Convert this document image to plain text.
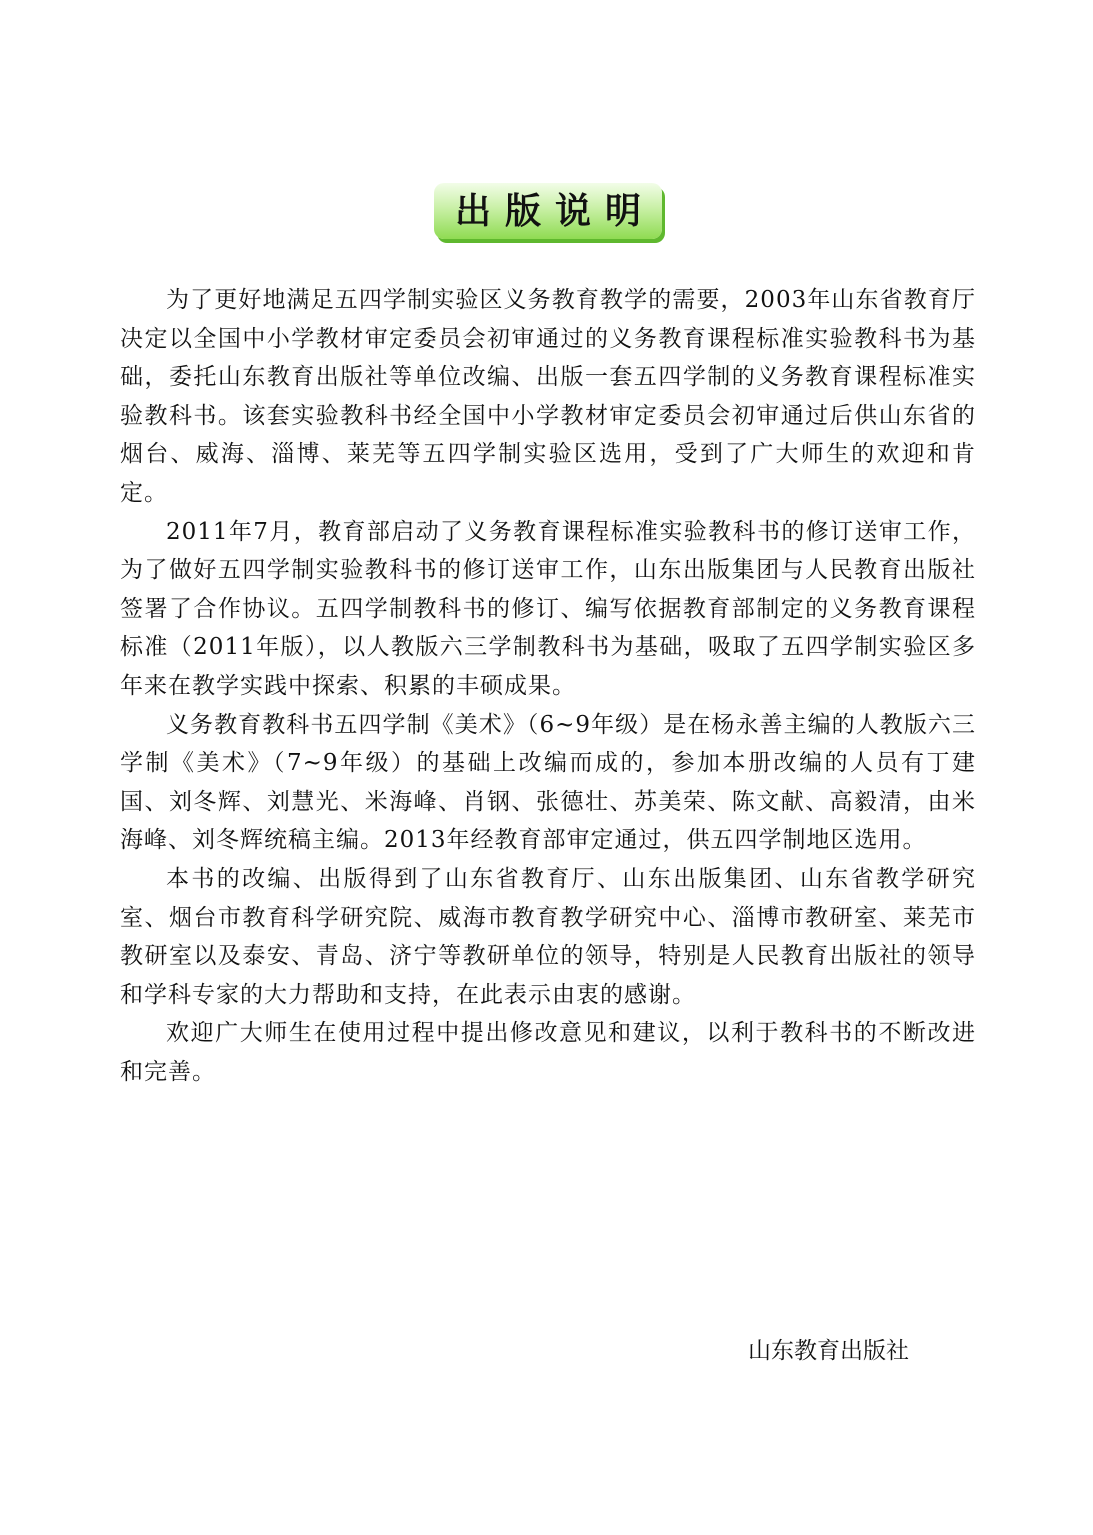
出版说明

为了更好地满足五四学制实验区义务教育教学的需要，2003年山东省教育厅决定以全国中小学教材审定委员会初审通过的义务教育课程标准实验教科书为基础，委托山东教育出版社等单位改编、出版一套五四学制的义务教育课程标准实验教科书。该套实验教科书经全国中小学教材审定委员会初审通过后供山东省的烟台、威海、淄博、莱芜等五四学制实验区选用，受到了广大师生的欢迎和肯定。

2011年7月，教育部启动了义务教育课程标准实验教科书的修订送审工作，为了做好五四学制实验教科书的修订送审工作，山东出版集团与人民教育出版社签署了合作协议。五四学制教科书的修订、编写依据教育部制定的义务教育课程标准（2011年版），以人教版六三学制教科书为基础，吸取了五四学制实验区多年来在教学实践中探索、积累的丰硕成果。

义务教育教科书五四学制《美术》（6~9年级）是在杨永善主编的人教版六三学制《美术》（7~9年级）的基础上改编而成的，参加本册改编的人员有丁建国、刘冬辉、刘慧光、米海峰、肖钢、张德壮、苏美荣、陈文献、高毅清，由米海峰、刘冬辉统稿主编。2013年经教育部审定通过，供五四学制地区选用。

本书的改编、出版得到了山东省教育厅、山东出版集团、山东省教学研究室、烟台市教育科学研究院、威海市教育教学研究中心、淄博市教研室、莱芜市教研室以及泰安、青岛、济宁等教研单位的领导，特别是人民教育出版社的领导和学科专家的大力帮助和支持，在此表示由衷的感谢。

欢迎广大师生在使用过程中提出修改意见和建议，以利于教科书的不断改进和完善。

山东教育出版社
